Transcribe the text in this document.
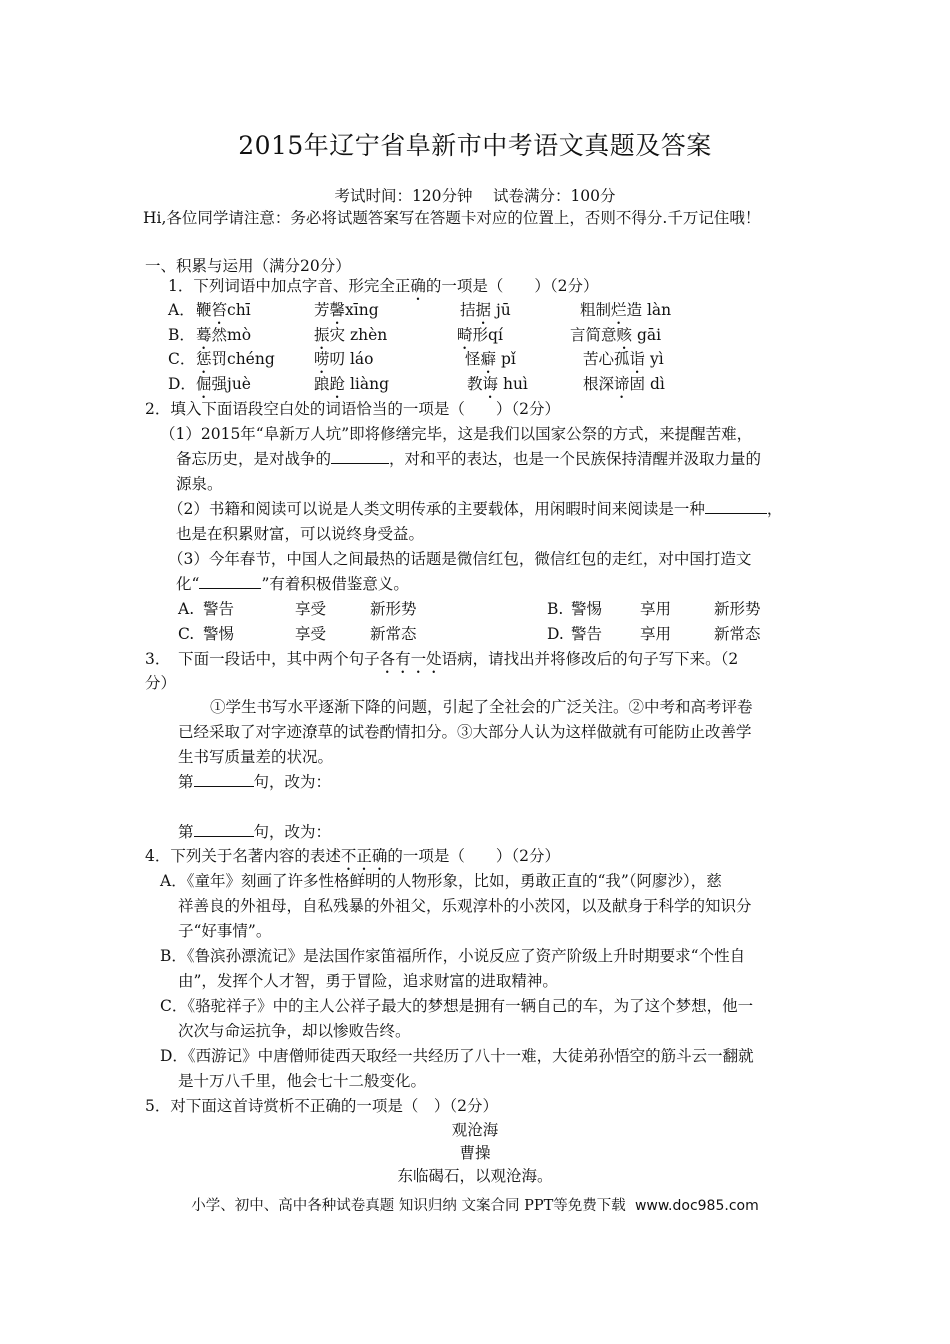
2015年辽宁省阜新市中考语文真题及答案
考试时间：120分钟　 试卷满分：100分
Hi,各位同学请注意：务必将试题答案写在答题卡对应的位置上，否则不得分.千万记住哦！
一、积累与运用（满分20分）
1．下列词语中加点字音、形完全正确的一项是（　　）（2分）
A． 鞭笞chī	芳馨xīng	拮据 jū	粗制烂造 làn
B． 蓦然mò	振灾 zhèn	畸形qí	言简意赅 gāi
C． 惩罚chéng	唠叨 láo	怪癖 pǐ	苦心孤诣 yì
D． 倔强juè	踉跄 liàng	教诲 huì	根深谛固 dì
2．填入下面语段空白处的词语恰当的一项是（　　）（2分）
（1）2015年“阜新万人坑”即将修缮完毕，这是我们以国家公祭的方式，来提醒苦难，
备忘历史，是对战争的	，对和平的表达，也是一个民族保持清醒并汲取力量的
源泉。
（2）书籍和阅读可以说是人类文明传承的主要载体，用闲暇时间来阅读是一种	，
也是在积累财富，可以说终身受益。
（3）今年春节，中国人之间最热的话题是微信红包，微信红包的走红，对中国打造文
化“	”有着积极借鉴意义。
A. 警告	享受	新形势	B. 警惕 享用	新形势
C. 警惕	享受	新常态	D. 警告 享用	新常态
3．　下面一段话中，其中两个句子各有一处语病，请找出并将修改后的句子写下来。（2
分）
①学生书写水平逐渐下降的问题，引起了全社会的广泛关注。②中考和高考评卷
已经采取了对字迹潦草的试卷酌情扣分。③大部分人认为这样做就有可能防止改善学
生书写质量差的状况。
第	句，改为：
第	句，改为：
4．下列关于名著内容的表述不正确的一项是（　　）（2分）
A．《童年》刻画了许多性格鲜明的人物形象，比如，勇敢正直的“我”（阿廖沙），慈
祥善良的外祖母，自私残暴的外祖父，乐观淳朴的小茨冈，以及献身于科学的知识分
子“好事情”。
B．《鲁滨孙漂流记》是法国作家笛福所作，小说反应了资产阶级上升时期要求“个性自
由”，发挥个人才智，勇于冒险，追求财富的进取精神。
C．《骆驼祥子》中的主人公祥子最大的梦想是拥有一辆自己的车，为了这个梦想，他一
次次与命运抗争，却以惨败告终。
D．《西游记》中唐僧师徒西天取经一共经历了八十一难，大徒弟孙悟空的筋斗云一翻就
是十万八千里，他会七十二般变化。
5．对下面这首诗赏析不正确的一项是（　）（2分）
观沧海
曹操
东临碣石，以观沧海。
小学、初中、高中各种试卷真题 知识归纳 文案合同 PPT等免费下载 www.doc985.com
